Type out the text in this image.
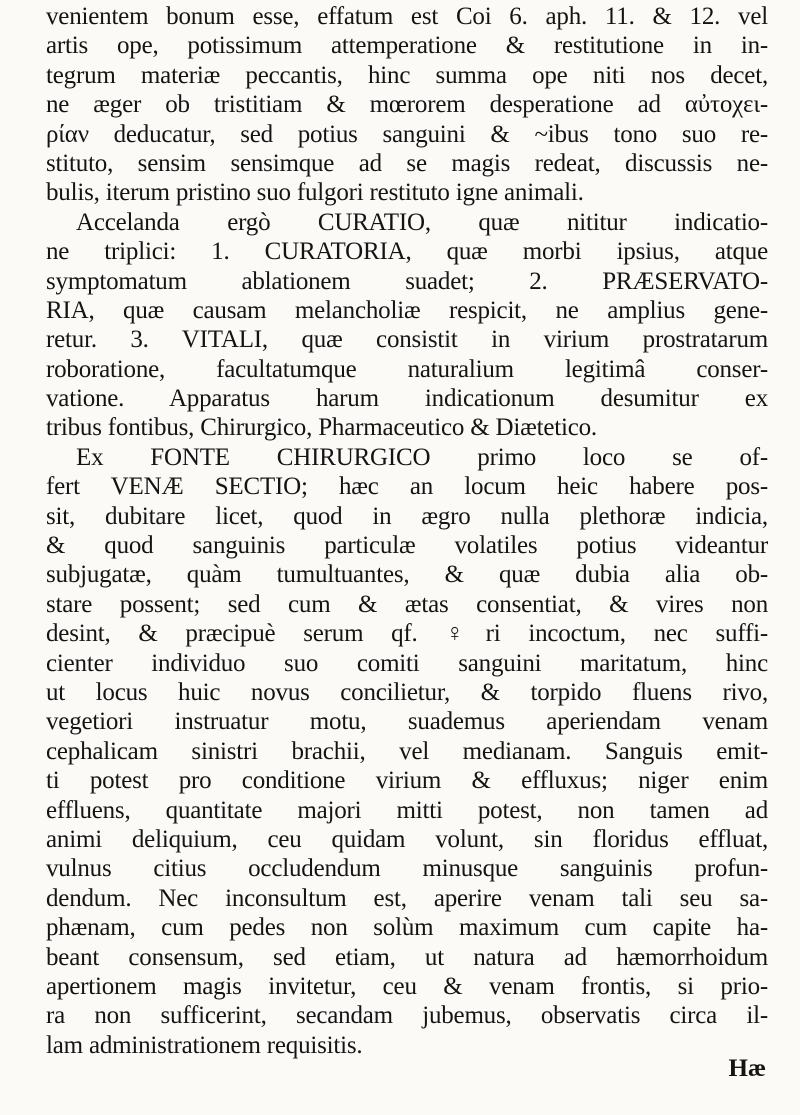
venientem bonum esse, effatum est Coi 6. aph. 11. & 12. vel
artis ope, potissimum attemperatione & restitutione in in-
tegrum materiæ peccantis, hinc summa ope niti nos decet,
ne æger ob tristitiam & mœrorem desperatione ad αὐτοχει-
ρίαν deducatur, sed potius sanguini & ~ibus tono suo re-
stituto, sensim sensimque ad se magis redeat, discussis ne-
bulis, iterum pristino suo fulgori restituto igne animali.
Accelanda ergò CURATIO, quæ nititur indicatio-
ne triplici: 1. CURATORIA, quæ morbi ipsius, atque
symptomatum ablationem suadet; 2. PRÆSERVATO-
RIA, quæ causam melancholiæ respicit, ne amplius gene-
retur. 3. VITALI, quæ consistit in virium prostratarum
roboratione, facultatumque naturalium legitimâ conser-
vatione. Apparatus harum indicationum desumitur ex
tribus fontibus, Chirurgico, Pharmaceutico & Diætetico.
Ex FONTE CHIRURGICO primo loco se of-
fert VENÆ SECTIO; hæc an locum heic habere pos-
sit, dubitare licet, quod in ægro nulla plethoræ indicia,
& quod sanguinis particulæ volatiles potius videantur
subjugatæ, quàm tumultuantes, & quæ dubia alia ob-
stare possent; sed cum & ætas consentiat, & vires non
desint, & præcipuè serum qf. ♀ri incoctum, nec suffi-
cienter individuo suo comiti sanguini maritatum, hinc
ut locus huic novus concilietur, & torpido fluens rivo,
vegetiori instruatur motu, suademus aperiendam venam
cephalicam sinistri brachii, vel medianam. Sanguis emit-
ti potest pro conditione virium & effluxus; niger enim
effluens, quantitate majori mitti potest, non tamen ad
animi deliquium, ceu quidam volunt, sin floridus effluat,
vulnus citius occludendum minusque sanguinis profun-
dendum. Nec inconsultum est, aperire venam tali seu sa-
phænam, cum pedes non solùm maximum cum capite ha-
beant consensum, sed etiam, ut natura ad hæmorrhoidum
apertionem magis invitetur, ceu & venam frontis, si prio-
ra non sufficerint, secandam jubemus, observatis circa il-
lam administrationem requisitis.
Hæ
